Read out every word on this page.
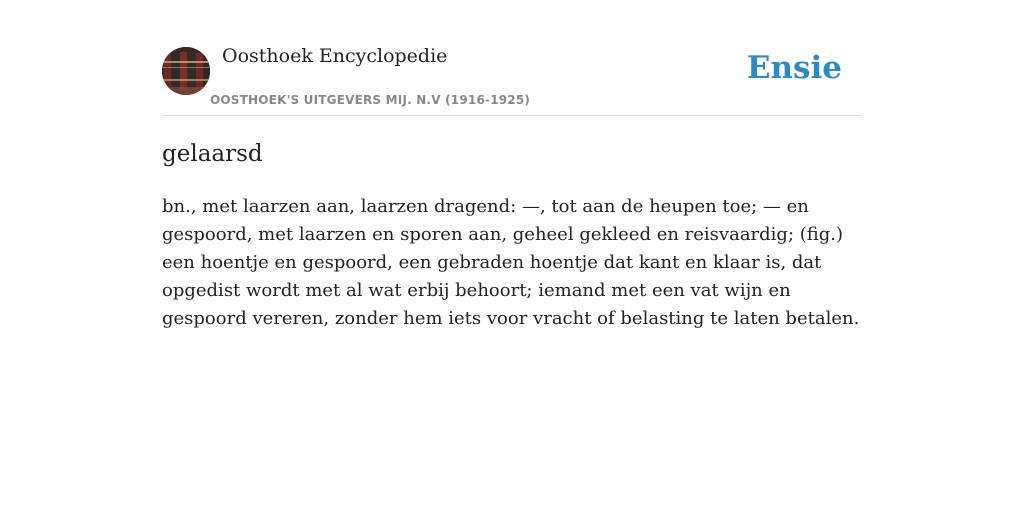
Oosthoek Encyclopedie
OOSTHOEK'S UITGEVERS MIJ. N.V (1916-1925)
Ensie
gelaarsd

bn., met laarzen aan, laarzen dragend: —, tot aan de heupen toe; — en gespoord, met laarzen en sporen aan, geheel gekleed en reisvaardig; (fig.) een hoentje en gespoord, een gebraden hoentje dat kant en klaar is, dat opgedist wordt met al wat erbij behoort; iemand met een vat wijn en gespoord vereren, zonder hem iets voor vracht of belasting te laten betalen.
